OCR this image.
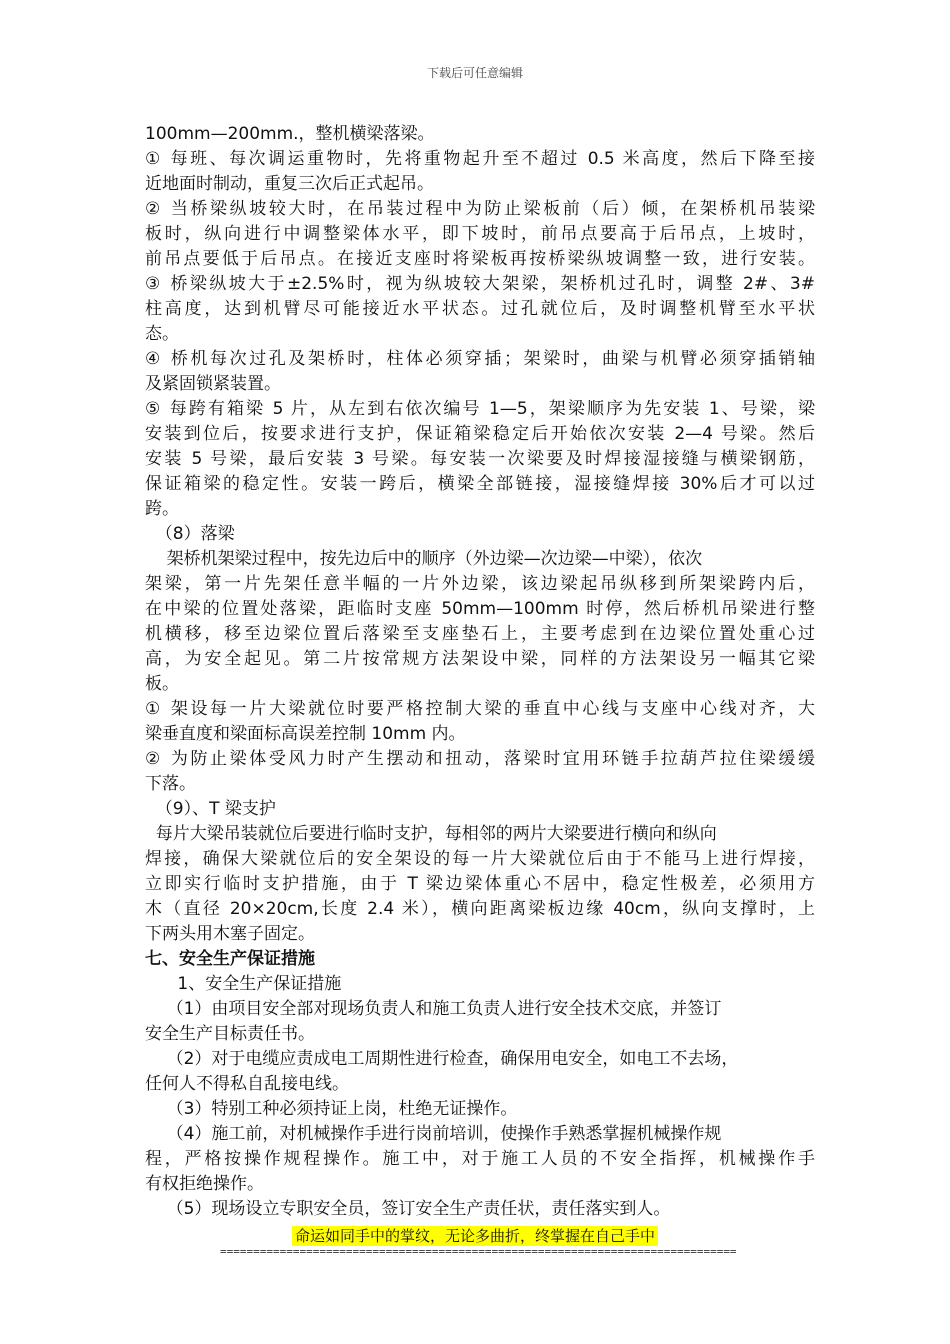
下载后可任意编辑
100mm—200mm.，整机横梁落梁。
① 每班、每次调运重物时，先将重物起升至不超过 0.5 米高度，然后下降至接
近地面时制动，重复三次后正式起吊。
② 当桥梁纵坡较大时，在吊装过程中为防止梁板前（后）倾，在架桥机吊装梁
板时，纵向进行中调整梁体水平，即下坡时，前吊点要高于后吊点，上坡时，
前吊点要低于后吊点。在接近支座时将梁板再按桥梁纵坡调整一致，进行安装。
③ 桥梁纵坡大于±2.5%时，视为纵坡较大架梁，架桥机过孔时，调整 2#、3#
柱高度，达到机臂尽可能接近水平状态。过孔就位后，及时调整机臂至水平状
态。
④ 桥机每次过孔及架桥时，柱体必须穿插；架梁时，曲梁与机臂必须穿插销轴
及紧固锁紧装置。
⑤ 每跨有箱梁 5 片，从左到右依次编号 1—5，架梁顺序为先安装 1、号梁，梁
安装到位后，按要求进行支护，保证箱梁稳定后开始依次安装 2—4 号梁。然后
安装 5 号梁，最后安装 3 号梁。每安装一次梁要及时焊接湿接缝与横梁钢筋，
保证箱梁的稳定性。安装一跨后，横梁全部链接，湿接缝焊接 30%后才可以过
跨。
（8）落梁
架桥机架梁过程中，按先边后中的顺序（外边梁—次边梁—中梁），依次
架梁，第一片先架任意半幅的一片外边梁，该边梁起吊纵移到所架梁跨内后，
在中梁的位置处落梁，距临时支座 50mm—100mm 时停，然后桥机吊梁进行整
机横移，移至边梁位置后落梁至支座垫石上，主要考虑到在边梁位置处重心过
高，为安全起见。第二片按常规方法架设中梁，同样的方法架设另一幅其它梁
板。
① 架设每一片大梁就位时要严格控制大梁的垂直中心线与支座中心线对齐，大
梁垂直度和梁面标高误差控制 10mm 内。
② 为防止梁体受风力时产生摆动和扭动，落梁时宜用环链手拉葫芦拉住梁缓缓
下落。
（9）、T 梁支护
每片大梁吊装就位后要进行临时支护，每相邻的两片大梁要进行横向和纵向
焊接，确保大梁就位后的安全架设的每一片大梁就位后由于不能马上进行焊接，
立即实行临时支护措施，由于 T 梁边梁体重心不居中，稳定性极差，必须用方
木（直径 20×20cm,长度 2.4 米），横向距离梁板边缘 40cm，纵向支撑时，上
下两头用木塞子固定。
七、安全生产保证措施
1、安全生产保证措施
（1）由项目安全部对现场负责人和施工负责人进行安全技术交底，并签订
安全生产目标责任书。
（2）对于电缆应责成电工周期性进行检查，确保用电安全，如电工不去场，
任何人不得私自乱接电线。
（3）特别工种必须持证上岗，杜绝无证操作。
（4）施工前，对机械操作手进行岗前培训，使操作手熟悉掌握机械操作规
程，严格按操作规程操作。施工中，对于施工人员的不安全指挥，机械操作手
有权拒绝操作。
（5）现场设立专职安全员，签订安全生产责任状，责任落实到人。
命运如同手中的掌纹，无论多曲折，终掌握在自己手中
==============================================================================
